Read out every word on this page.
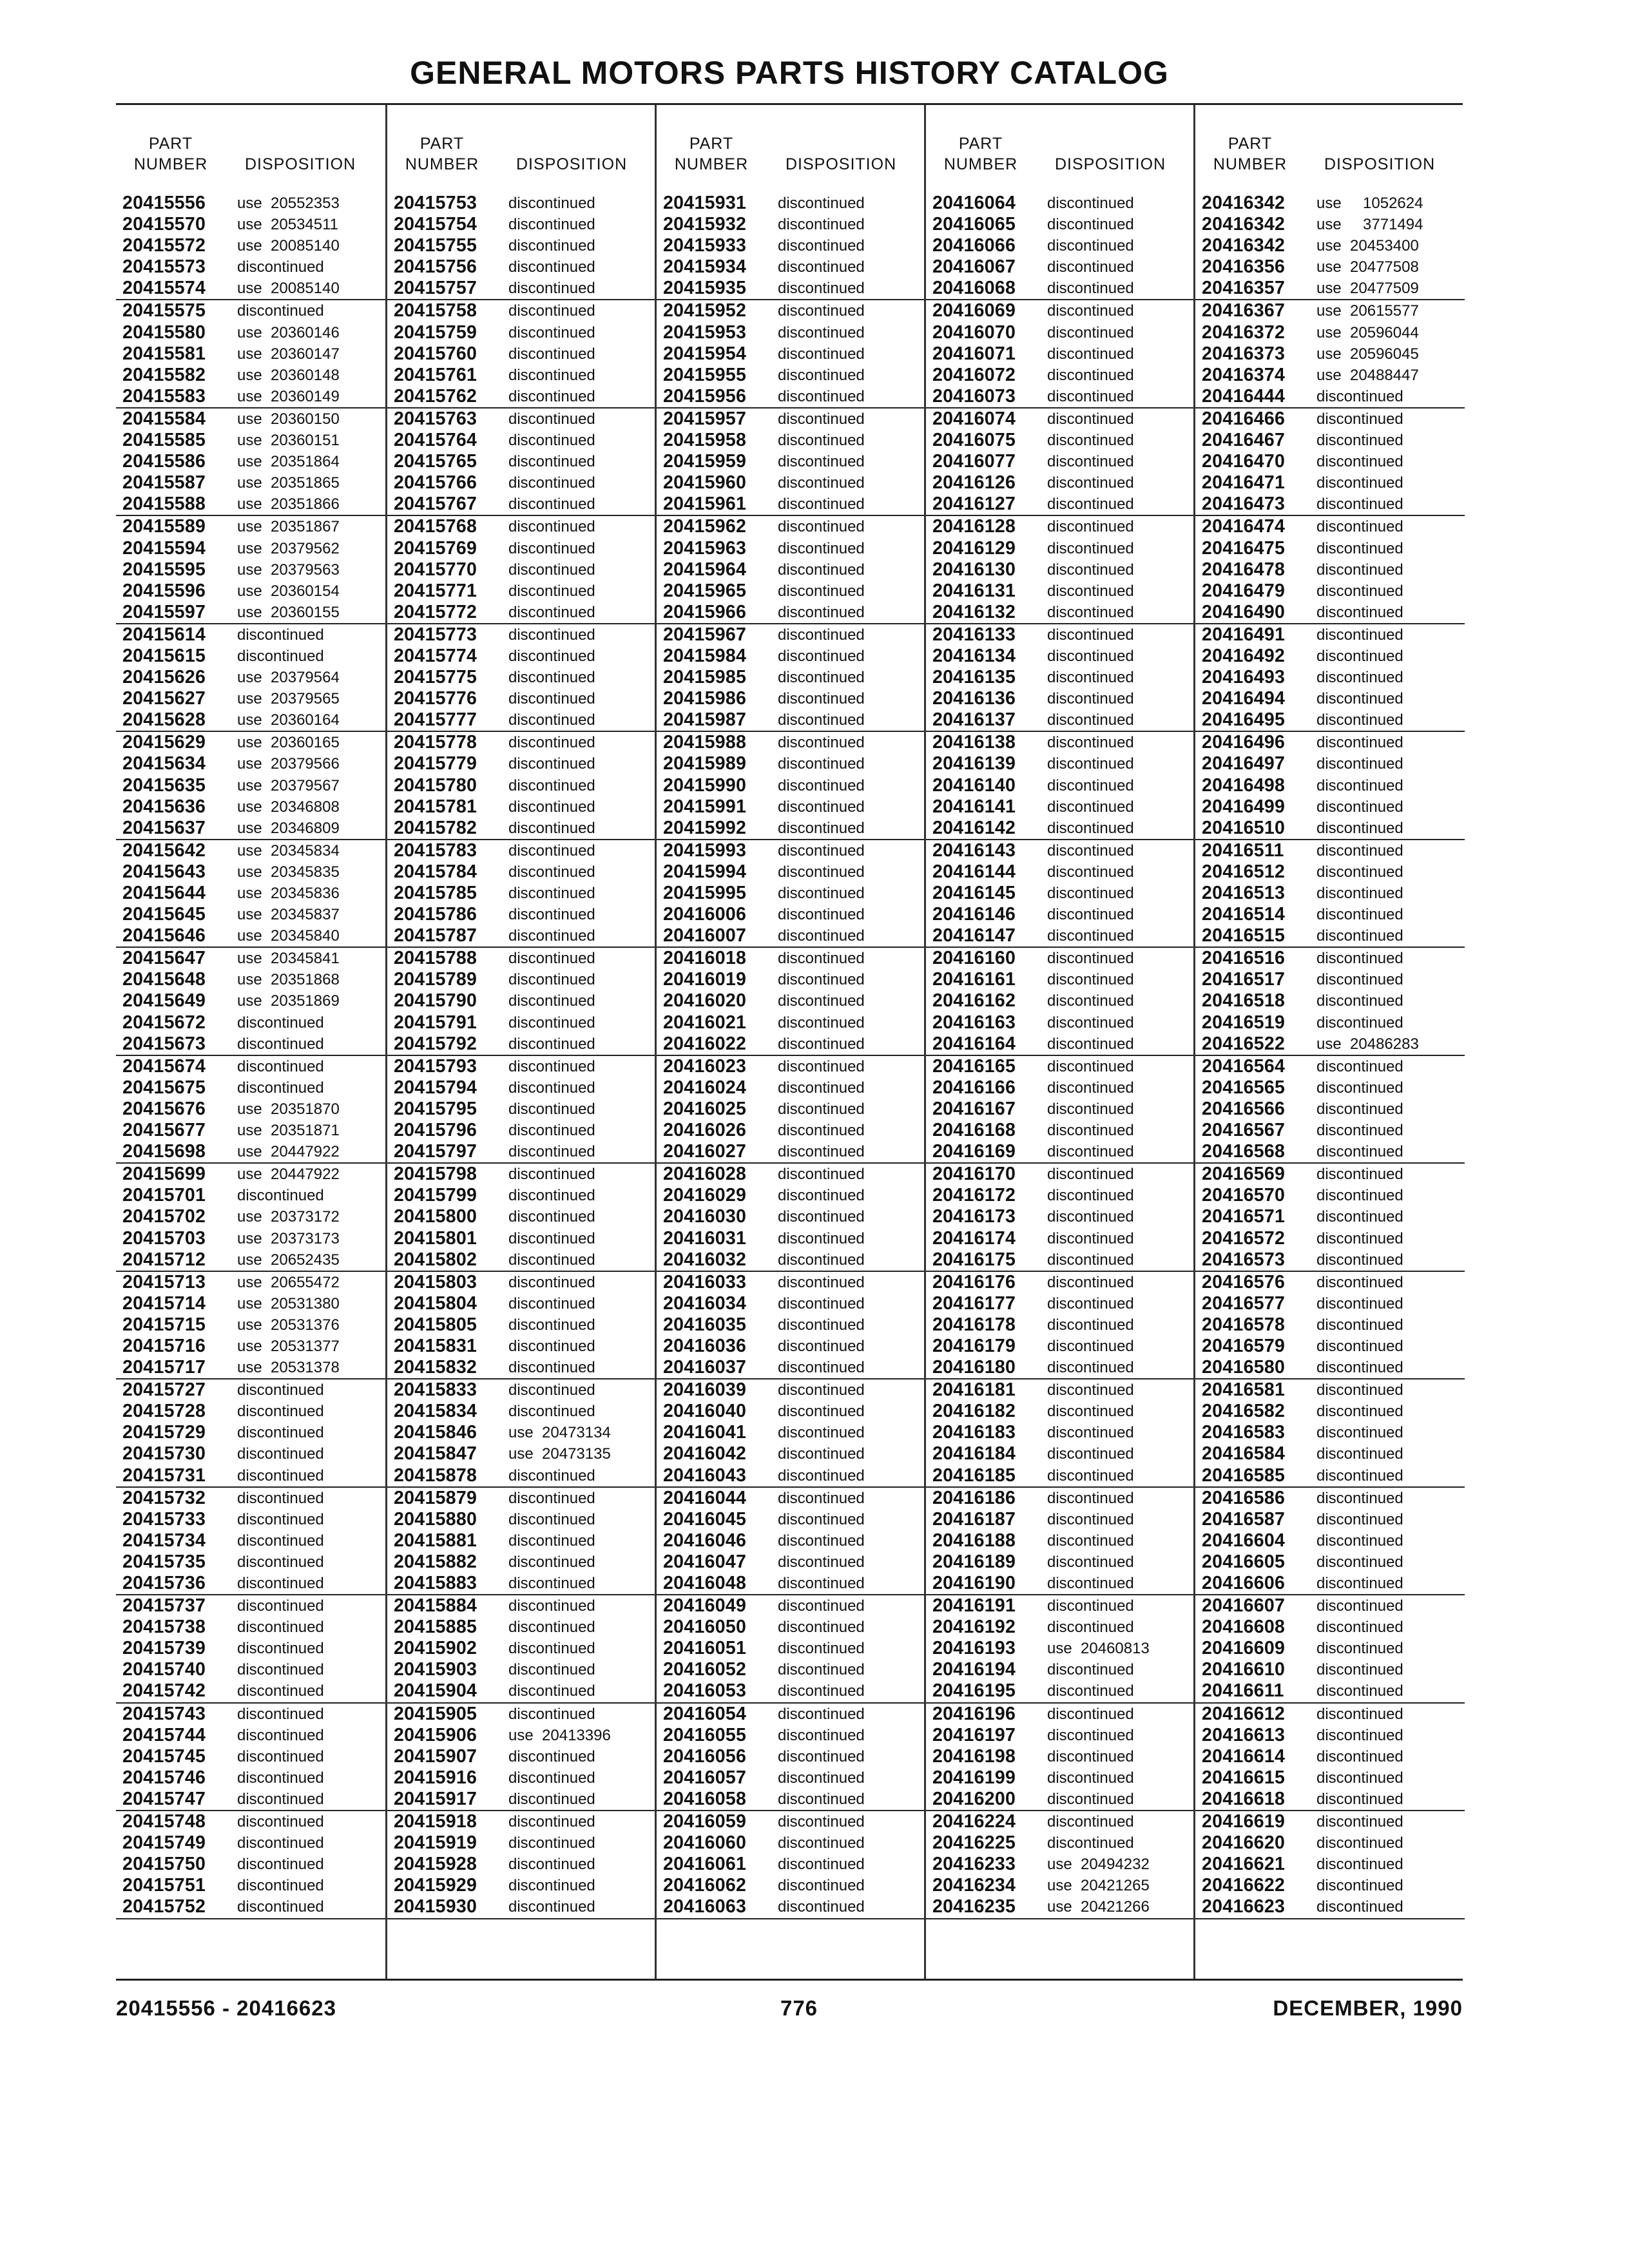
GENERAL MOTORS PARTS HISTORY CATALOG
PART
NUMBER	DISPOSITION
20415556 use  20552353
20415570 use  20534511
20415572 use  20085140
20415573 discontinued
20415574 use  20085140
20415575 discontinued
20415580 use  20360146
20415581 use  20360147
20415582 use  20360148
20415583 use  20360149
20415584 use  20360150
20415585 use  20360151
20415586 use  20351864
20415587 use  20351865
20415588 use  20351866
20415589 use  20351867
20415594 use  20379562
20415595 use  20379563
20415596 use  20360154
20415597 use  20360155
20415614 discontinued
20415615 discontinued
20415626 use  20379564
20415627 use  20379565
20415628 use  20360164
20415629 use  20360165
20415634 use  20379566
20415635 use  20379567
20415636 use  20346808
20415637 use  20346809
20415642 use  20345834
20415643 use  20345835
20415644 use  20345836
20415645 use  20345837
20415646 use  20345840
20415647 use  20345841
20415648 use  20351868
20415649 use  20351869
20415672 discontinued
20415673 discontinued
20415674 discontinued
20415675 discontinued
20415676 use  20351870
20415677 use  20351871
20415698 use  20447922
20415699 use  20447922
20415701 discontinued
20415702 use  20373172
20415703 use  20373173
20415712 use  20652435
20415713 use  20655472
20415714 use  20531380
20415715 use  20531376
20415716 use  20531377
20415717 use  20531378
20415727 discontinued
20415728 discontinued
20415729 discontinued
20415730 discontinued
20415731 discontinued
20415732 discontinued
20415733 discontinued
20415734 discontinued
20415735 discontinued
20415736 discontinued
20415737 discontinued
20415738 discontinued
20415739 discontinued
20415740 discontinued
20415742 discontinued
20415743 discontinued
20415744 discontinued
20415745 discontinued
20415746 discontinued
20415747 discontinued
20415748 discontinued
20415749 discontinued
20415750 discontinued
20415751 discontinued
20415752 discontinued
PART
NUMBER	DISPOSITION
20415753 discontinued
20415754 discontinued
20415755 discontinued
20415756 discontinued
20415757 discontinued
20415758 discontinued
20415759 discontinued
20415760 discontinued
20415761 discontinued
20415762 discontinued
20415763 discontinued
20415764 discontinued
20415765 discontinued
20415766 discontinued
20415767 discontinued
20415768 discontinued
20415769 discontinued
20415770 discontinued
20415771 discontinued
20415772 discontinued
20415773 discontinued
20415774 discontinued
20415775 discontinued
20415776 discontinued
20415777 discontinued
20415778 discontinued
20415779 discontinued
20415780 discontinued
20415781 discontinued
20415782 discontinued
20415783 discontinued
20415784 discontinued
20415785 discontinued
20415786 discontinued
20415787 discontinued
20415788 discontinued
20415789 discontinued
20415790 discontinued
20415791 discontinued
20415792 discontinued
20415793 discontinued
20415794 discontinued
20415795 discontinued
20415796 discontinued
20415797 discontinued
20415798 discontinued
20415799 discontinued
20415800 discontinued
20415801 discontinued
20415802 discontinued
20415803 discontinued
20415804 discontinued
20415805 discontinued
20415831 discontinued
20415832 discontinued
20415833 discontinued
20415834 discontinued
20415846 use  20473134
20415847 use  20473135
20415878 discontinued
20415879 discontinued
20415880 discontinued
20415881 discontinued
20415882 discontinued
20415883 discontinued
20415884 discontinued
20415885 discontinued
20415902 discontinued
20415903 discontinued
20415904 discontinued
20415905 discontinued
20415906 use  20413396
20415907 discontinued
20415916 discontinued
20415917 discontinued
20415918 discontinued
20415919 discontinued
20415928 discontinued
20415929 discontinued
20415930 discontinued
PART
NUMBER	DISPOSITION
20415931 discontinued
20415932 discontinued
20415933 discontinued
20415934 discontinued
20415935 discontinued
20415952 discontinued
20415953 discontinued
20415954 discontinued
20415955 discontinued
20415956 discontinued
20415957 discontinued
20415958 discontinued
20415959 discontinued
20415960 discontinued
20415961 discontinued
20415962 discontinued
20415963 discontinued
20415964 discontinued
20415965 discontinued
20415966 discontinued
20415967 discontinued
20415984 discontinued
20415985 discontinued
20415986 discontinued
20415987 discontinued
20415988 discontinued
20415989 discontinued
20415990 discontinued
20415991 discontinued
20415992 discontinued
20415993 discontinued
20415994 discontinued
20415995 discontinued
20416006 discontinued
20416007 discontinued
20416018 discontinued
20416019 discontinued
20416020 discontinued
20416021 discontinued
20416022 discontinued
20416023 discontinued
20416024 discontinued
20416025 discontinued
20416026 discontinued
20416027 discontinued
20416028 discontinued
20416029 discontinued
20416030 discontinued
20416031 discontinued
20416032 discontinued
20416033 discontinued
20416034 discontinued
20416035 discontinued
20416036 discontinued
20416037 discontinued
20416039 discontinued
20416040 discontinued
20416041 discontinued
20416042 discontinued
20416043 discontinued
20416044 discontinued
20416045 discontinued
20416046 discontinued
20416047 discontinued
20416048 discontinued
20416049 discontinued
20416050 discontinued
20416051 discontinued
20416052 discontinued
20416053 discontinued
20416054 discontinued
20416055 discontinued
20416056 discontinued
20416057 discontinued
20416058 discontinued
20416059 discontinued
20416060 discontinued
20416061 discontinued
20416062 discontinued
20416063 discontinued
PART
NUMBER	DISPOSITION
20416064 discontinued
20416065 discontinued
20416066 discontinued
20416067 discontinued
20416068 discontinued
20416069 discontinued
20416070 discontinued
20416071 discontinued
20416072 discontinued
20416073 discontinued
20416074 discontinued
20416075 discontinued
20416077 discontinued
20416126 discontinued
20416127 discontinued
20416128 discontinued
20416129 discontinued
20416130 discontinued
20416131 discontinued
20416132 discontinued
20416133 discontinued
20416134 discontinued
20416135 discontinued
20416136 discontinued
20416137 discontinued
20416138 discontinued
20416139 discontinued
20416140 discontinued
20416141 discontinued
20416142 discontinued
20416143 discontinued
20416144 discontinued
20416145 discontinued
20416146 discontinued
20416147 discontinued
20416160 discontinued
20416161 discontinued
20416162 discontinued
20416163 discontinued
20416164 discontinued
20416165 discontinued
20416166 discontinued
20416167 discontinued
20416168 discontinued
20416169 discontinued
20416170 discontinued
20416172 discontinued
20416173 discontinued
20416174 discontinued
20416175 discontinued
20416176 discontinued
20416177 discontinued
20416178 discontinued
20416179 discontinued
20416180 discontinued
20416181 discontinued
20416182 discontinued
20416183 discontinued
20416184 discontinued
20416185 discontinued
20416186 discontinued
20416187 discontinued
20416188 discontinued
20416189 discontinued
20416190 discontinued
20416191 discontinued
20416192 discontinued
20416193 use  20460813
20416194 discontinued
20416195 discontinued
20416196 discontinued
20416197 discontinued
20416198 discontinued
20416199 discontinued
20416200 discontinued
20416224 discontinued
20416225 discontinued
20416233 use  20494232
20416234 use  20421265
20416235 use  20421266
PART
NUMBER	DISPOSITION
20416342 use     1052624
20416342 use     3771494
20416342 use  20453400
20416356 use  20477508
20416357 use  20477509
20416367 use  20615577
20416372 use  20596044
20416373 use  20596045
20416374 use  20488447
20416444 discontinued
20416466 discontinued
20416467 discontinued
20416470 discontinued
20416471 discontinued
20416473 discontinued
20416474 discontinued
20416475 discontinued
20416478 discontinued
20416479 discontinued
20416490 discontinued
20416491 discontinued
20416492 discontinued
20416493 discontinued
20416494 discontinued
20416495 discontinued
20416496 discontinued
20416497 discontinued
20416498 discontinued
20416499 discontinued
20416510 discontinued
20416511 discontinued
20416512 discontinued
20416513 discontinued
20416514 discontinued
20416515 discontinued
20416516 discontinued
20416517 discontinued
20416518 discontinued
20416519 discontinued
20416522 use  20486283
20416564 discontinued
20416565 discontinued
20416566 discontinued
20416567 discontinued
20416568 discontinued
20416569 discontinued
20416570 discontinued
20416571 discontinued
20416572 discontinued
20416573 discontinued
20416576 discontinued
20416577 discontinued
20416578 discontinued
20416579 discontinued
20416580 discontinued
20416581 discontinued
20416582 discontinued
20416583 discontinued
20416584 discontinued
20416585 discontinued
20416586 discontinued
20416587 discontinued
20416604 discontinued
20416605 discontinued
20416606 discontinued
20416607 discontinued
20416608 discontinued
20416609 discontinued
20416610 discontinued
20416611 discontinued
20416612 discontinued
20416613 discontinued
20416614 discontinued
20416615 discontinued
20416618 discontinued
20416619 discontinued
20416620 discontinued
20416621 discontinued
20416622 discontinued
20416623 discontinued
20415556 - 20416623	776	DECEMBER, 1990
